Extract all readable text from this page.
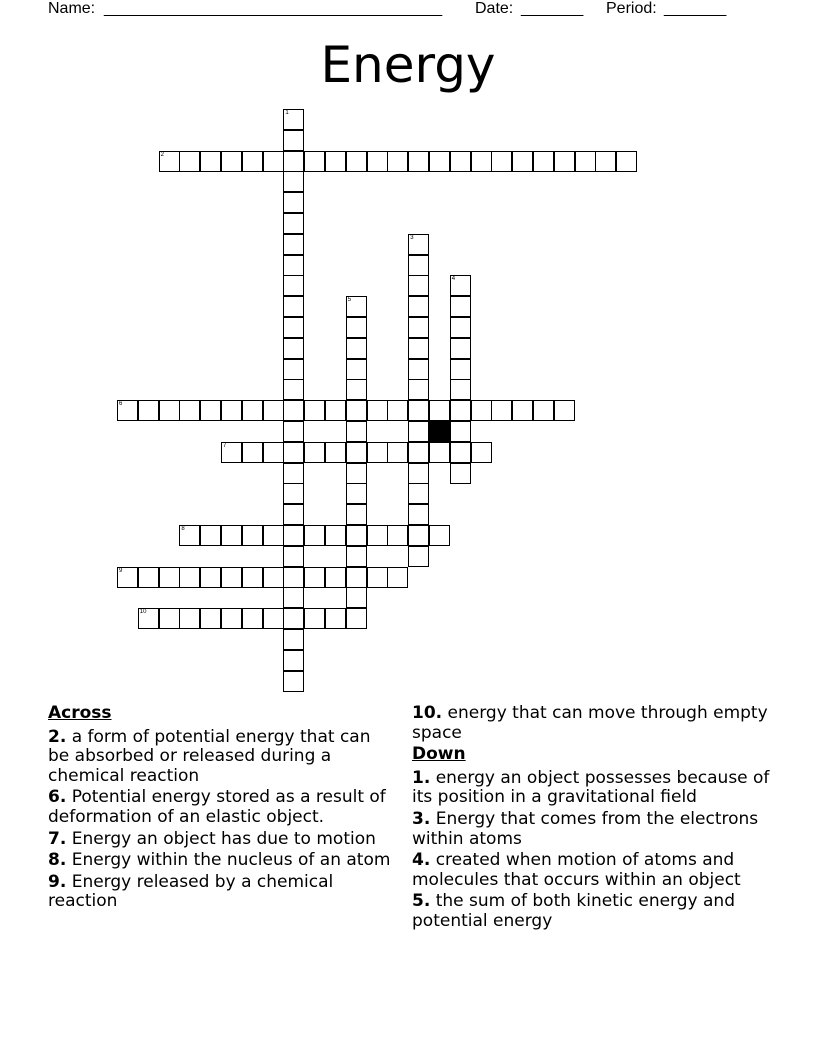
Name: ______________________________________ Date: _______ Period: _______
Energy
1
2
3
4
5
6
7
8
9
10
Across
2. a form of potential energy that can be absorbed or released during a chemical reaction
6. Potential energy stored as a result of deformation of an elastic object.
7. Energy an object has due to motion
8. Energy within the nucleus of an atom
9. Energy released by a chemical reaction
10. energy that can move through empty space
Down
1. energy an object possesses because of its position in a gravitational field
3. Energy that comes from the electrons within atoms
4. created when motion of atoms and molecules that occurs within an object
5. the sum of both kinetic energy and potential energy
